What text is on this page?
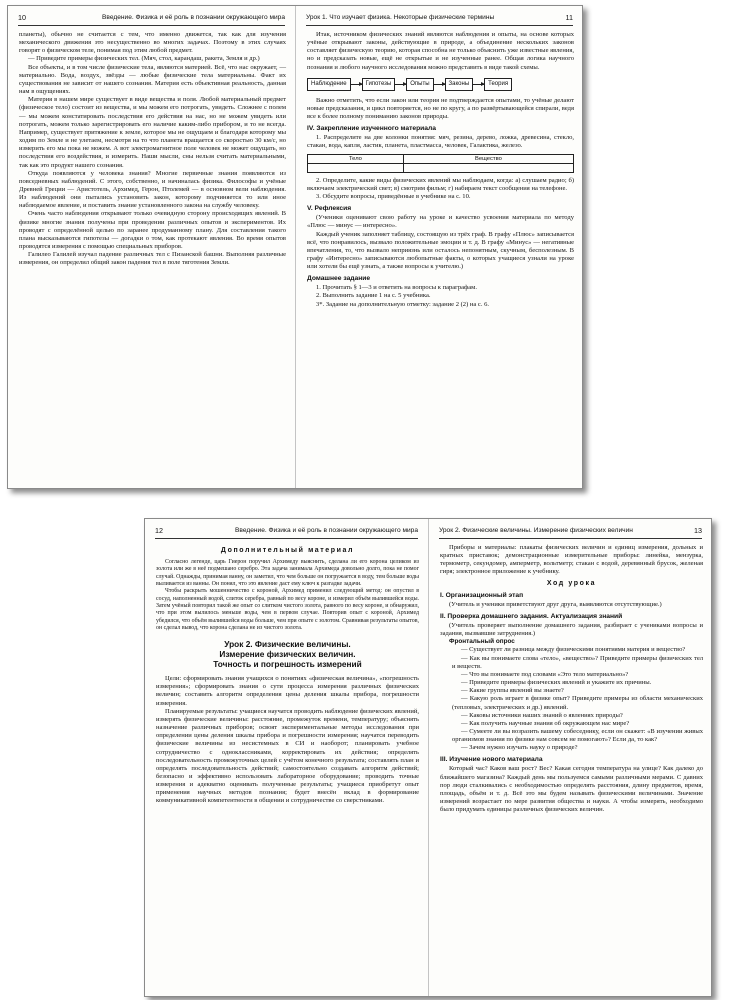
10	Введение. Физика и её роль в познании окружающего мира

планеты), обычно не считается с тем, что именно движется, так как для изучения механического движения это несущественно во многих задачах. Поэтому в этих случаях говорят о физическом теле, понимая под этим любой предмет.

— Приведите примеры физических тел. (Мяч, стол, карандаш, ракета, Земля и др.)

Все объекты, и в том числе физические тела, являются материей. Всё, что нас окружает, — материально. Вода, воздух, звёзды — любые физические тела материальны. Факт их существования не зависит от нашего сознания. Материя есть объективная реальность, данная нам в ощущениях.

Материя в нашем мире существует в виде вещества и поля. Любой материальный предмет (физическое тело) состоит из вещества, и мы можем его потрогать, увидеть. Сложнее с полем — мы можем констатировать последствия его действия на нас, но не можем увидеть или потрогать, можем только зарегистрировать его наличие каким-либо прибором, и то не всегда. Например, существует притяжение к земле, которое мы не ощущаем и благодаря которому мы ходим по Земле и не улетаем, несмотря на то что планета вращается со скоростью 30 км/с, но измерить его мы пока не можем. А вот электромагнитное поле человек не может ощущать, но последствия его воздействия, и измерить. Наши мысли, сны нельзя считать материальными, так как это продукт нашего сознания.

Откуда появляются у человека знания? Многие первичные знания появляются из повседневных наблюдений. С этого, собственно, и начиналась физика. Философы и учёные Древней Греции — Аристотель, Архимед, Герон, Птолемей — в основном вели наблюдения. Из наблюдений они пытались установить закон, которому подчиняется то или иное наблюдаемое явление, и поставить знание установленного закона на службу человеку.

Очень часто наблюдения открывают только очевидную сторону происходящих явлений. В физике многие знания получены при проведении различных опытов и экспериментов. Их проводят с определённой целью по заранее продуманному плану. Для составления такого плана высказываются гипотезы — догадки о том, как протекают явления. Во время опытов проводятся измерения с помощью специальных приборов.

Галилео Галилей изучал падение различных тел с Пизанской башни. Выполняя различные измерения, он определил общий закон падения тел в поле тяготения Земли.

Урок 1. Что изучает физика. Некоторые физические термины	11

Итак, источником физических знаний являются наблюдения и опыты, на основе которых учёные открывают законы, действующие в природе, а объединение нескольких законов составляет физическую теорию, которая способна не только объяснить уже известные явления, но и предсказать новые, ещё не открытые и не изученные ранее. Общая логика научного познания и любого научного исследования можно представить в виде такой схемы.

Наблюдение	Гипотезы	Опыты	Законы	Теория

Важно отметить, что если закон или теория не подтверждается опытами, то учёные делают новые предсказания, и цикл повторяется, но не по кругу, а по развёртывающейся спирали, ведя все к более полному пониманию законов природы.

IV. Закрепление изученного материала

1. Распределите на две колонки понятия: мяч, резина, дерево, ложка, древесина, стекло, стакан, вода, капля, ластик, планета, пластмасса, человек, Галактика, железо.

Тело	Вещество

2. Определите, какие виды физических явлений мы наблюдаем, когда: а) слушаем радио; б) включаем электрический свет; в) смотрим фильм; г) набираем текст сообщения на телефоне.

3. Обсудите вопросы, приведённые в учебнике на с. 10.

V. Рефлексия

(Ученики оценивают свою работу на уроке и качество усвоения материала по методу «Плюс — минус — интересно».

Каждый ученик заполняет таблицу, состоящую из трёх граф. В графу «Плюс» записывается всё, что понравилось, вызвало положительные эмоции и т. д. В графу «Минус» — негативные впечатления, то, что вызвало неприязнь или осталось непонятным, скучным, бесполезным. В графу «Интересно» записываются любопытные факты, о которых учащиеся узнали на уроке или хотели бы ещё узнать, а также вопросы к учителю.)

Домашнее задание

1. Прочитать § 1—3 и ответить на вопросы к параграфам.

2. Выполнить задание 1 на с. 5 учебника.

3*. Задание на дополнительную отметку: задание 2 (2) на с. 6.

12	Введение. Физика и её роль в познании окружающего мира
Дополнительный материал

Согласно легенде, царь Гиерон поручил Архимеду выяснить, сделана ли его корона целиком из золота или же в неё подмешано серебро. Эта задача занимала Архимеда довольно долго, пока не помог случай. Однажды, принимая ванну, он заметил, что чем больше он погружается в воду, тем больше воды выливается из ванны. Он понял, что это явление даст ему ключ к разгадке задачи.

Чтобы раскрыть мошенничество с короной, Архимед применил следующий метод: он опустил в сосуд, наполненный водой, слиток серебра, равный по весу короне, и измерил объём вылившейся воды. Затем учёный повторил такой же опыт со слитком чистого золота, равного по весу короне, и обнаружил, что при этом вылилось меньше воды, чем в первом случае. Повторив опыт с короной, Архимед убедился, что объём вылившейся воды больше, чем при опыте с золотом. Сравнивая результаты опытов, он сделал вывод, что корона сделана не из чистого золота.

Урок 2. Физические величины.
Измерение физических величин.
Точность и погрешность измерений

Цели: сформировать знания учащихся о понятиях «физическая величина», «погрешность измерения»; сформировать знания о сути процесса измерения различных физических величин; составить алгоритм определения цены деления шкалы прибора, погрешности измерения.

Планируемые результаты: учащиеся научатся проводить наблюдение физических явлений, измерять физические величины: расстояние, промежуток времени, температуру; объяснять назначение различных приборов; освоят экспериментальные методы исследования при определении цены деления шкалы прибора и погрешности измерения; научатся переводить физические величины из несистемных в СИ и наоборот; планировать учебное сотрудничество с одноклассниками, корректировать их действия; определять последовательность промежуточных целей с учётом конечного результата; составлять план и определять последовательность действий; самостоятельно создавать алгоритм действий; безопасно и эффективно использовать лабораторное оборудование; проводить точные измерения и адекватно оценивать полученные результаты; учащиеся приобретут опыт применения научных методов познания; будет внесён вклад в формирование коммуникативной компетентности в общении и сотрудничестве со сверстниками.

Урок 2. Физические величины. Измерение физических величин	13

Приборы и материалы: плакаты физических величин и единиц измерения, дольных и кратных приставок; демонстрационные измерительные приборы: линейка, мензурка, термометр, секундомер, амперметр, вольтметр; стакан с водой, деревянный брусок, желеная гиря; электронное приложение к учебнику.

Ход урока
I. Организационный этап

(Учитель и ученики приветствуют друг друга, выявляются отсутствующие.)

II. Проверка домашнего задания. Актуализация знаний

(Учитель проверяет выполнение домашнего задания, разбирает с учениками вопросы и задания, вызвавшие затруднения.)

Фронтальный опрос

— Существует ли разница между физическими понятиями материя и вещество?

— Как вы понимаете слова «тело», «вещество»? Приведите примеры физических тел и веществ.

— Что вы понимаете под словами «Это тело материально»?

— Приведите примеры физических явлений и укажите их причины.

— Какие группы явлений вы знаете?

— Какую роль играет в физике опыт? Приведите примеры из области механических (тепловых, электрических и др.) явлений.

— Каковы источники наших знаний о явлениях природы?

— Как получить научные знания об окружающем нас мире?

— Сумеете ли вы возразить вашему собеседнику, если он скажет: «В изучении живых организмов знания по физике нам совсем не помогают»? Если да, то как?

— Зачем нужно изучать науку о природе?

III. Изучение нового материала

Который час? Каков ваш рост? Вес? Какая сегодня температура на улице? Как далеко до ближайшего магазина? Каждый день мы пользуемся самыми различными мерами. С давних пор люди сталкивались с необходимостью определять расстояния, длину предметов, время, площадь, объём и т. д. Всё это мы будем называть физическими величинами. Значение измерений возрастает по мере развития общества и науки. А чтобы измерять, необходимо было придумать единицы различных физических величин.
